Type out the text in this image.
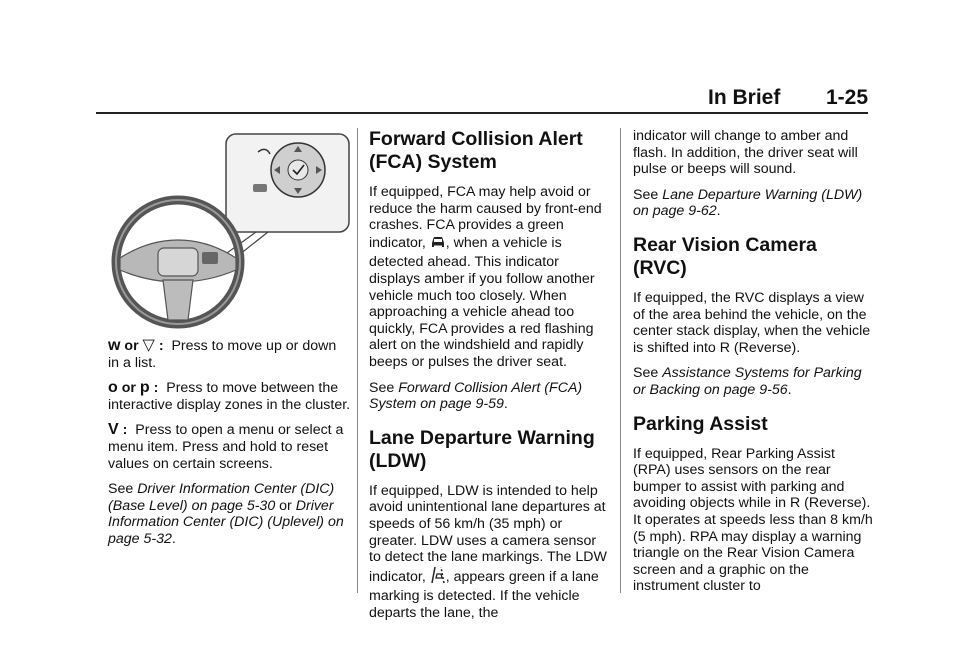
In Brief 1-25

w or ▽ : Press to move up or down in a list.

o or p : Press to move between the interactive display zones in the cluster.

V : Press to open a menu or select a menu item. Press and hold to reset values on certain screens.

See Driver Information Center (DIC) (Base Level) on page 5-30 or Driver Information Center (DIC) (Uplevel) on page 5-32.

Forward Collision Alert (FCA) System

If equipped, FCA may help avoid or reduce the harm caused by front-end crashes. FCA provides a green indicator, , when a vehicle is detected ahead. This indicator displays amber if you follow another vehicle much too closely. When approaching a vehicle ahead too quickly, FCA provides a red flashing alert on the windshield and rapidly beeps or pulses the driver seat.

See Forward Collision Alert (FCA) System on page 9-59.

Lane Departure Warning (LDW)

If equipped, LDW is intended to help avoid unintentional lane departures at speeds of 56 km/h (35 mph) or greater. LDW uses a camera sensor to detect the lane markings. The LDW indicator, , appears green if a lane marking is detected. If the vehicle departs the lane, the

indicator will change to amber and flash. In addition, the driver seat will pulse or beeps will sound.

See Lane Departure Warning (LDW) on page 9-62.

Rear Vision Camera (RVC)

If equipped, the RVC displays a view of the area behind the vehicle, on the center stack display, when the vehicle is shifted into R (Reverse).

See Assistance Systems for Parking or Backing on page 9-56.

Parking Assist

If equipped, Rear Parking Assist (RPA) uses sensors on the rear bumper to assist with parking and avoiding objects while in R (Reverse). It operates at speeds less than 8 km/h (5 mph). RPA may display a warning triangle on the Rear Vision Camera screen and a graphic on the instrument cluster to
